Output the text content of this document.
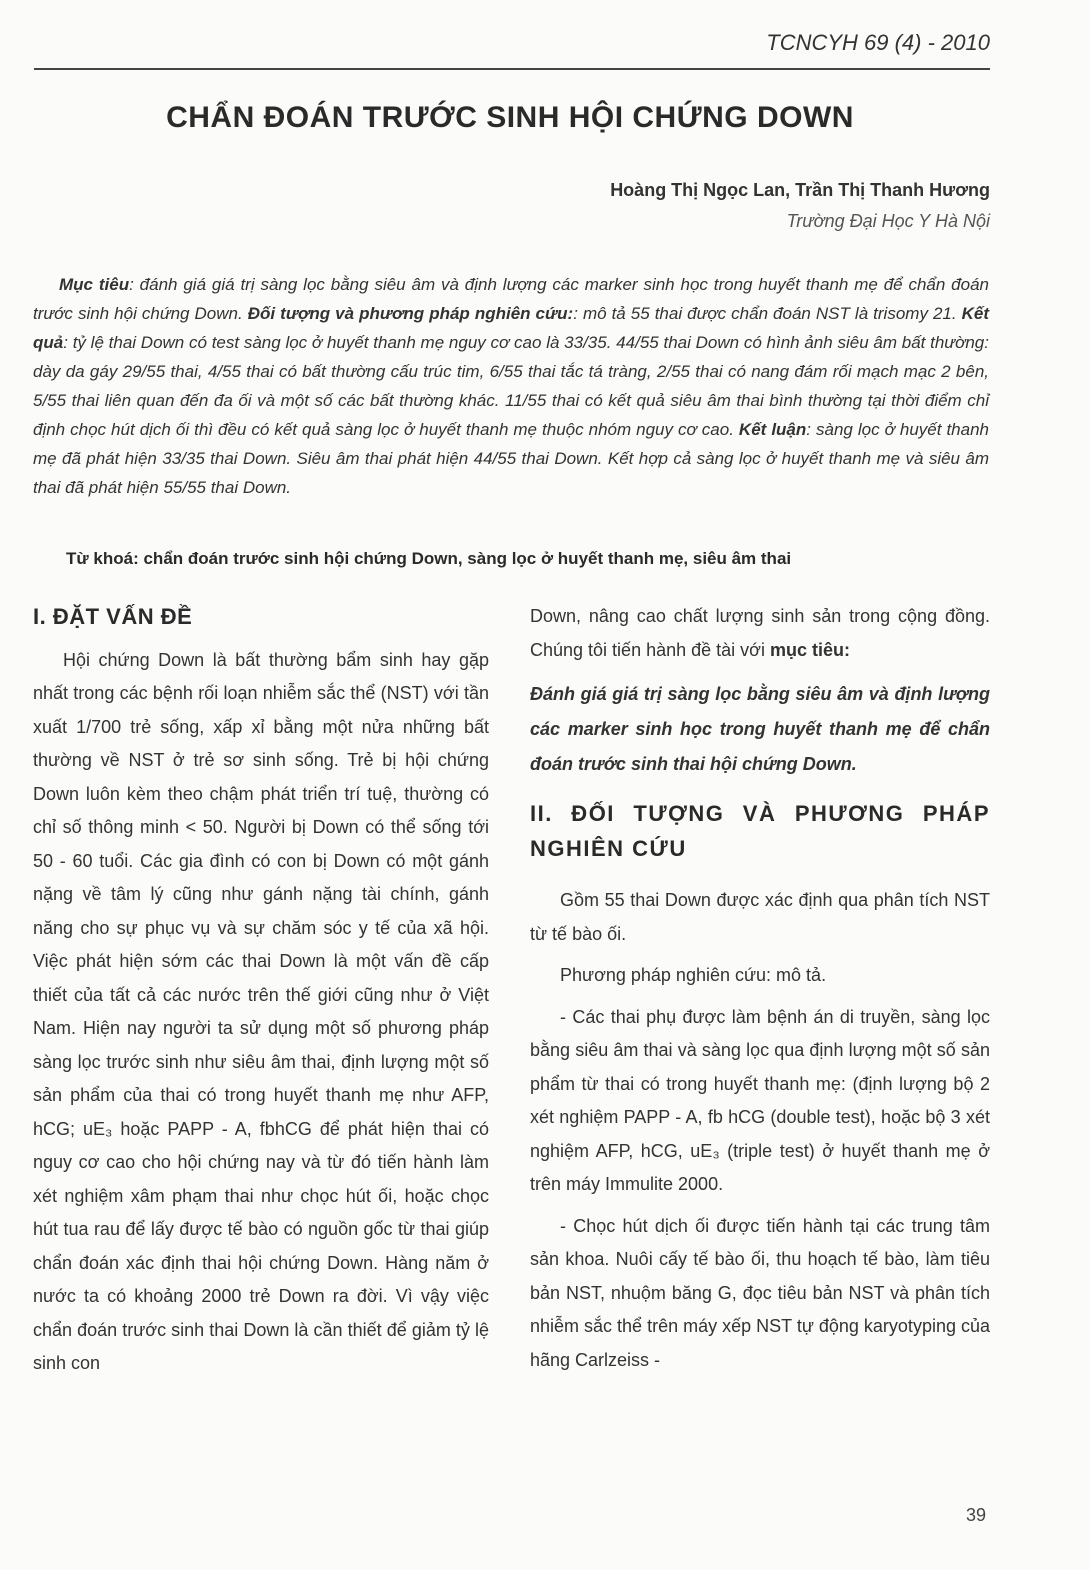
TCNCYH 69 (4) - 2010
CHẨN ĐOÁN TRƯỚC SINH HỘI CHỨNG DOWN
Hoàng Thị Ngọc Lan, Trần Thị Thanh Hương
Trường Đại Học Y Hà Nội
Mục tiêu: đánh giá giá trị sàng lọc bằng siêu âm và định lượng các marker sinh học trong huyết thanh mẹ để chẩn đoán trước sinh hội chứng Down. Đối tượng và phương pháp nghiên cứu:: mô tả 55 thai được chẩn đoán NST là trisomy 21. Kết quả: tỷ lệ thai Down có test sàng lọc ở huyết thanh mẹ nguy cơ cao là 33/35. 44/55 thai Down có hình ảnh siêu âm bất thường: dày da gáy 29/55 thai, 4/55 thai có bất thường cấu trúc tim, 6/55 thai tắc tá tràng, 2/55 thai có nang đám rối mạch mạc 2 bên, 5/55 thai liên quan đến đa ối và một số các bất thường khác. 11/55 thai có kết quả siêu âm thai bình thường tại thời điểm chỉ định chọc hút dịch ối thì đều có kết quả sàng lọc ở huyết thanh mẹ thuộc nhóm nguy cơ cao. Kết luận: sàng lọc ở huyết thanh mẹ đã phát hiện 33/35 thai Down. Siêu âm thai phát hiện 44/55 thai Down. Kết hợp cả sàng lọc ở huyết thanh mẹ và siêu âm thai đã phát hiện 55/55 thai Down.
Từ khoá: chẩn đoán trước sinh hội chứng Down, sàng lọc ở huyết thanh mẹ, siêu âm thai
I. ĐẶT VẤN ĐỀ

Hội chứng Down là bất thường bẩm sinh hay gặp nhất trong các bệnh rối loạn nhiễm sắc thể (NST) với tần xuất 1/700 trẻ sống, xấp xỉ bằng một nửa những bất thường về NST ở trẻ sơ sinh sống. Trẻ bị hội chứng Down luôn kèm theo chậm phát triển trí tuệ, thường có chỉ số thông minh < 50. Người bị Down có thể sống tới 50 - 60 tuổi. Các gia đình có con bị Down có một gánh nặng về tâm lý cũng như gánh nặng tài chính, gánh năng cho sự phục vụ và sự chăm sóc y tế của xã hội. Việc phát hiện sớm các thai Down là một vấn đề cấp thiết của tất cả các nước trên thế giới cũng như ở Việt Nam. Hiện nay người ta sử dụng một số phương pháp sàng lọc trước sinh như siêu âm thai, định lượng một số sản phẩm của thai có trong huyết thanh mẹ như AFP, hCG; uE₃ hoặc PAPP - A, fbhCG để phát hiện thai có nguy cơ cao cho hội chứng nay và từ đó tiến hành làm xét nghiệm xâm phạm thai như chọc hút ối, hoặc chọc hút tua rau để lấy được tế bào có nguồn gốc từ thai giúp chẩn đoán xác định thai hội chứng Down. Hàng năm ở nước ta có khoảng 2000 trẻ Down ra đời. Vì vậy việc chẩn đoán trước sinh thai Down là cần thiết để giảm tỷ lệ sinh con

Down, nâng cao chất lượng sinh sản trong cộng đồng. Chúng tôi tiến hành đề tài với mục tiêu:

Đánh giá giá trị sàng lọc bằng siêu âm và định lượng các marker sinh học trong huyết thanh mẹ để chẩn đoán trước sinh thai hội chứng Down.

II. ĐỐI TƯỢNG VÀ PHƯƠNG PHÁP NGHIÊN CỨU

Gồm 55 thai Down được xác định qua phân tích NST từ tế bào ối.

Phương pháp nghiên cứu: mô tả.

- Các thai phụ được làm bệnh án di truyền, sàng lọc bằng siêu âm thai và sàng lọc qua định lượng một số sản phẩm từ thai có trong huyết thanh mẹ: (định lượng bộ 2 xét nghiệm PAPP - A, fb hCG (double test), hoặc bộ 3 xét nghiệm AFP, hCG, uE₃ (triple test) ở huyết thanh mẹ ở trên máy Immulite 2000.

- Chọc hút dịch ối được tiến hành tại các trung tâm sản khoa. Nuôi cấy tế bào ối, thu hoạch tế bào, làm tiêu bản NST, nhuộm băng G, đọc tiêu bản NST và phân tích nhiễm sắc thể trên máy xếp NST tự động karyotyping của hãng Carlzeiss -

39
